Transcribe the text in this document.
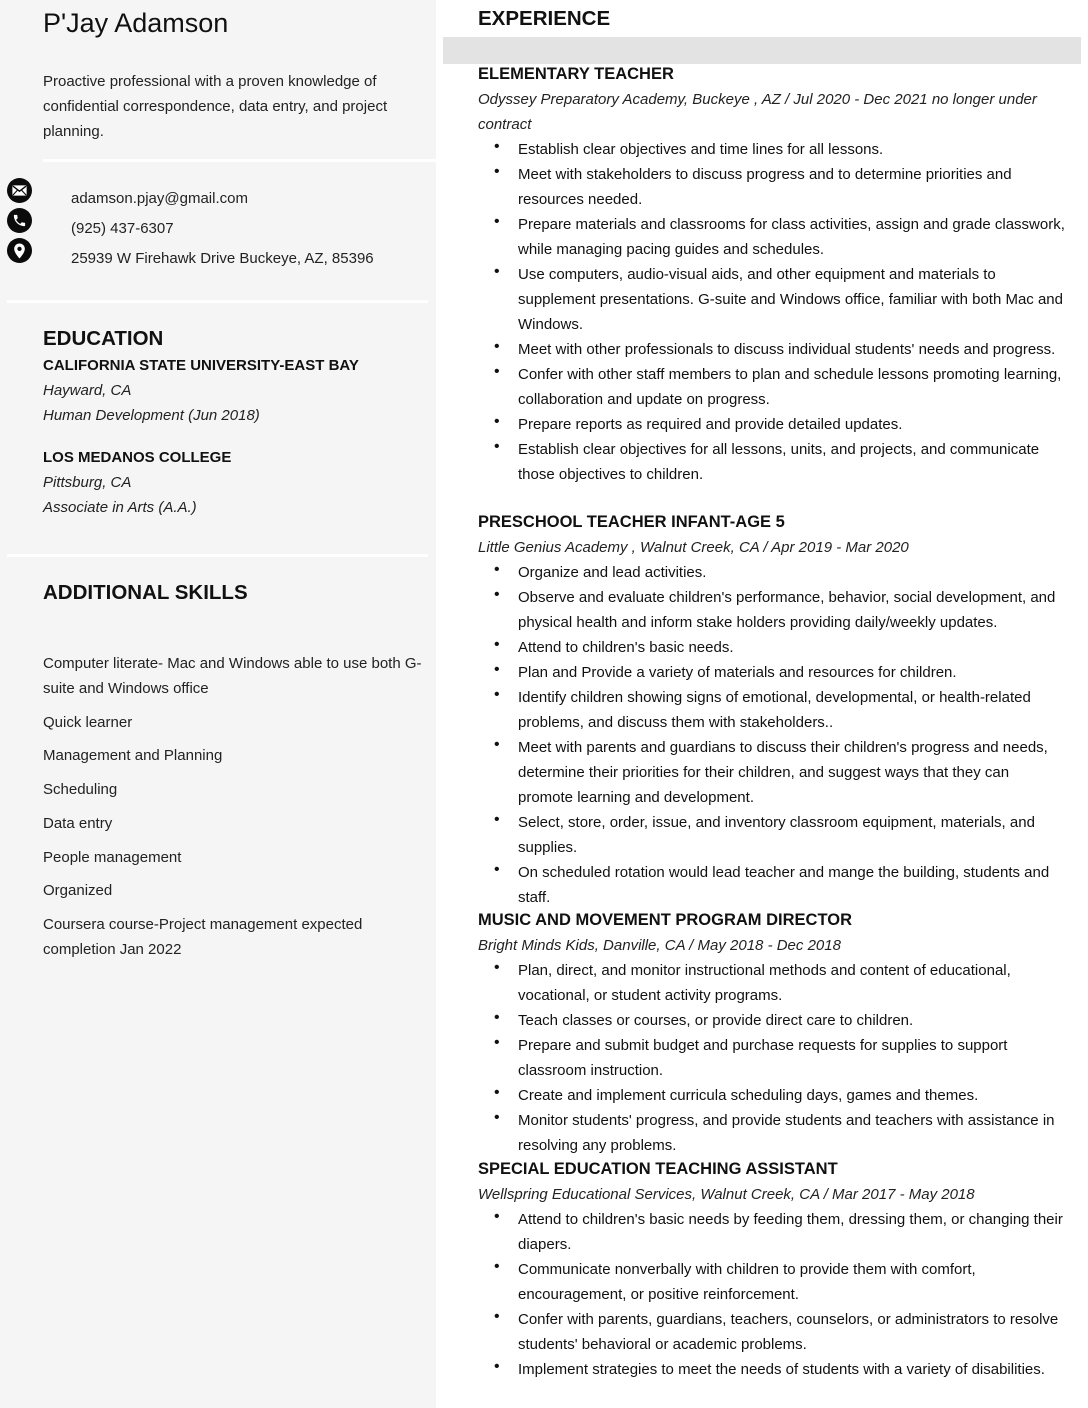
P'Jay Adamson
Proactive professional with a proven knowledge of confidential correspondence, data entry, and project planning.
adamson.pjay@gmail.com
(925) 437-6307
25939 W Firehawk Drive Buckeye, AZ, 85396
EDUCATION
CALIFORNIA STATE UNIVERSITY-EAST BAY
Hayward, CA
Human Development (Jun 2018)
LOS MEDANOS COLLEGE
Pittsburg, CA
Associate in Arts (A.A.)
ADDITIONAL SKILLS
Computer literate- Mac and Windows able to use both G-suite and Windows office
Quick learner
Management and Planning
Scheduling
Data entry
People management
Organized
Coursera course-Project management expected completion Jan 2022
EXPERIENCE
ELEMENTARY TEACHER
Odyssey Preparatory Academy, Buckeye , AZ / Jul 2020 - Dec 2021 no longer under contract
• Establish clear objectives and time lines for all lessons.
• Meet with stakeholders to discuss progress and to determine priorities and resources needed.
• Prepare materials and classrooms for class activities, assign and grade classwork, while managing pacing guides and schedules.
• Use computers, audio-visual aids, and other equipment and materials to supplement presentations. G-suite and Windows office, familiar with both Mac and Windows.
• Meet with other professionals to discuss individual students' needs and progress.
• Confer with other staff members to plan and schedule lessons promoting learning, collaboration and update on progress.
• Prepare reports as required and provide detailed updates.
• Establish clear objectives for all lessons, units, and projects, and communicate those objectives to children.
PRESCHOOL TEACHER INFANT-AGE 5
Little Genius Academy , Walnut Creek, CA / Apr 2019 - Mar 2020
• Organize and lead activities.
• Observe and evaluate children's performance, behavior, social development, and physical health and inform stake holders providing daily/weekly updates.
• Attend to children's basic needs.
• Plan and Provide a variety of materials and resources for children.
• Identify children showing signs of emotional, developmental, or health-related problems, and discuss them with stakeholders..
• Meet with parents and guardians to discuss their children's progress and needs, determine their priorities for their children, and suggest ways that they can promote learning and development.
• Select, store, order, issue, and inventory classroom equipment, materials, and supplies.
• On scheduled rotation would lead teacher and mange the building, students and staff.
MUSIC AND MOVEMENT PROGRAM DIRECTOR
Bright Minds Kids, Danville, CA / May 2018 - Dec 2018
• Plan, direct, and monitor instructional methods and content of educational, vocational, or student activity programs.
• Teach classes or courses, or provide direct care to children.
• Prepare and submit budget and purchase requests for supplies to support classroom instruction.
• Create and implement curricula scheduling days, games and themes.
• Monitor students' progress, and provide students and teachers with assistance in resolving any problems.
SPECIAL EDUCATION TEACHING ASSISTANT
Wellspring Educational Services, Walnut Creek, CA / Mar 2017 - May 2018
• Attend to children's basic needs by feeding them, dressing them, or changing their diapers.
• Communicate nonverbally with children to provide them with comfort, encouragement, or positive reinforcement.
• Confer with parents, guardians, teachers, counselors, or administrators to resolve students' behavioral or academic problems.
• Implement strategies to meet the needs of students with a variety of disabilities.
